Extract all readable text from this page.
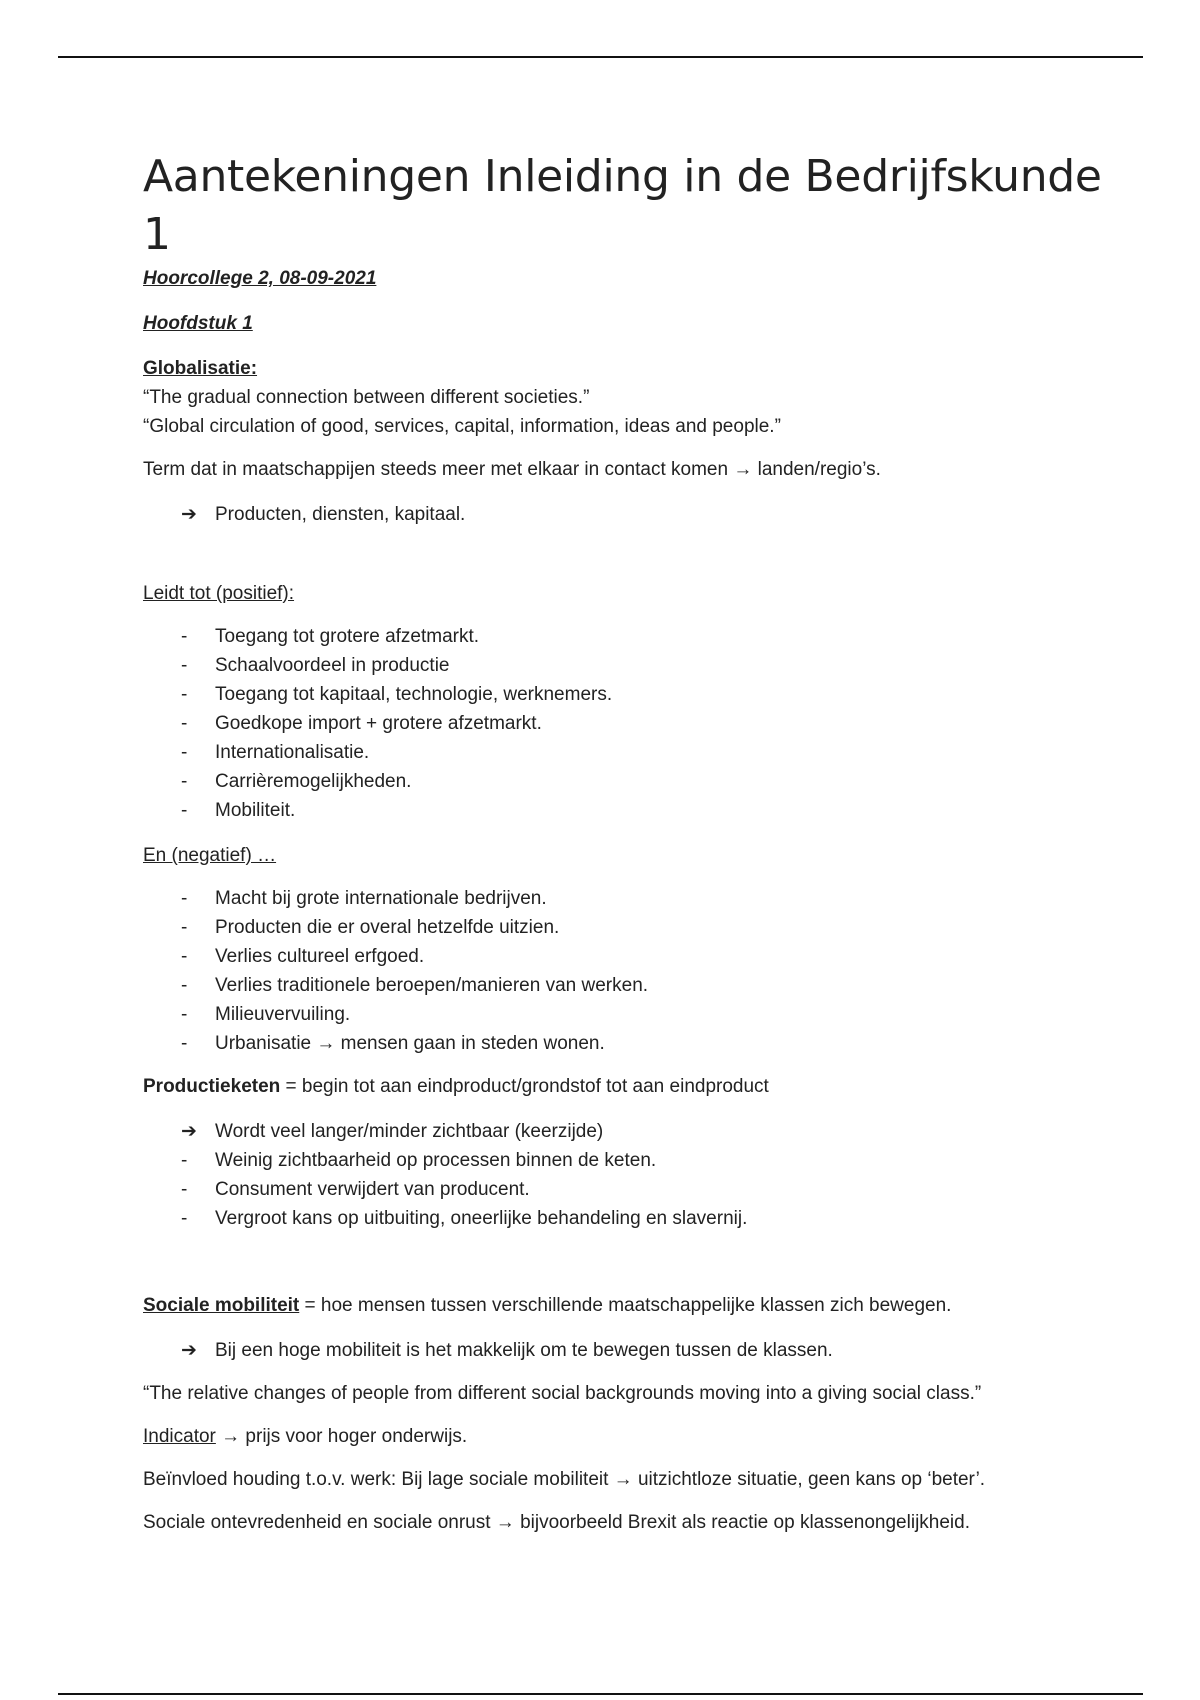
Aantekeningen Inleiding in de Bedrijfskunde 1

Hoorcollege 2, 08-09-2021

Hoofdstuk 1

Globalisatie:

“The gradual connection between different societies.”

“Global circulation of good, services, capital, information, ideas and people.”

Term dat in maatschappijen steeds meer met elkaar in contact komen → landen/regio’s.

➔ Producten, diensten, kapitaal.

Leidt tot (positief):

-	Toegang tot grotere afzetmarkt.
-	Schaalvoordeel in productie
-	Toegang tot kapitaal, technologie, werknemers.
-	Goedkope import + grotere afzetmarkt.
-	Internationalisatie.
-	Carrièremogelijkheden.
-	Mobiliteit.

En (negatief) …

-	Macht bij grote internationale bedrijven.
-	Producten die er overal hetzelfde uitzien.
-	Verlies cultureel erfgoed.
-	Verlies traditionele beroepen/manieren van werken.
-	Milieuvervuiling.
-	Urbanisatie → mensen gaan in steden wonen.

Productieketen = begin tot aan eindproduct/grondstof tot aan eindproduct

➔ Wordt veel langer/minder zichtbaar (keerzijde)
-	Weinig zichtbaarheid op processen binnen de keten.
-	Consument verwijdert van producent.
-	Vergroot kans op uitbuiting, oneerlijke behandeling en slavernij.

Sociale mobiliteit = hoe mensen tussen verschillende maatschappelijke klassen zich bewegen.

➔ Bij een hoge mobiliteit is het makkelijk om te bewegen tussen de klassen.

“The relative changes of people from different social backgrounds moving into a giving social class.”

Indicator → prijs voor hoger onderwijs.

Beïnvloed houding t.o.v. werk: Bij lage sociale mobiliteit → uitzichtloze situatie, geen kans op ‘beter’.

Sociale ontevredenheid en sociale onrust → bijvoorbeeld Brexit als reactie op klassenongelijkheid.
